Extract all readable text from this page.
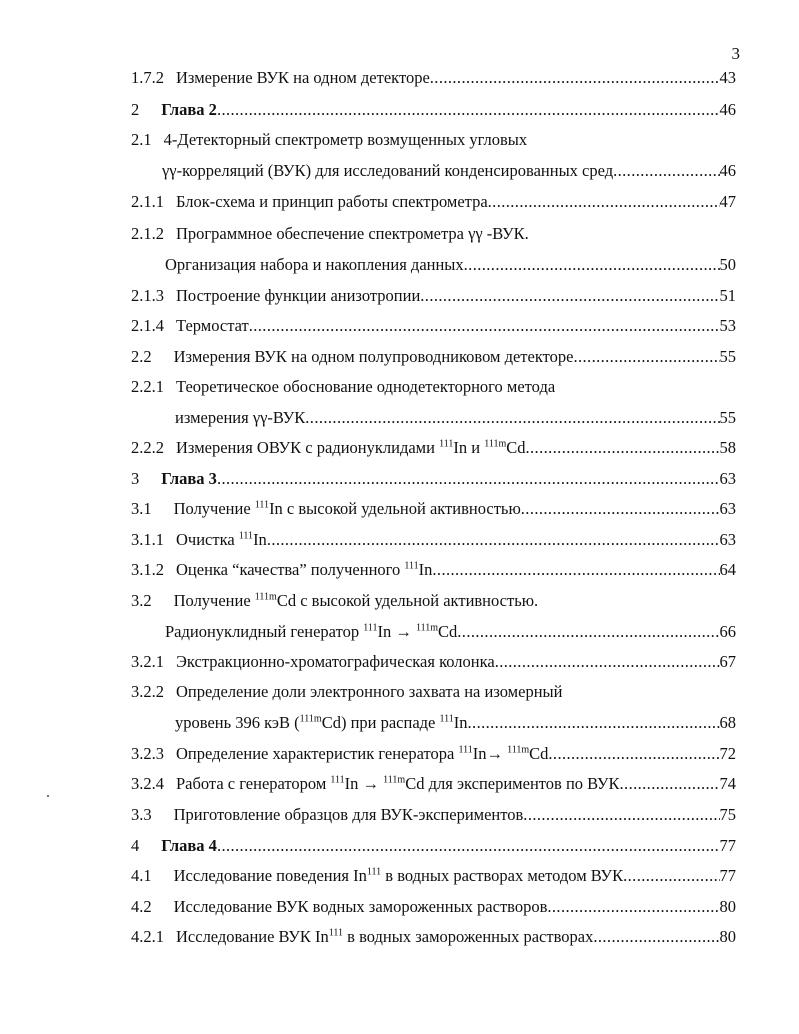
3
1.7.2 Измерение ВУК на одном детекторе .....	43
2	Глава 2 .....	46
2.1 4-Детекторный спектрометр возмущенных угловых
γγ-корреляций (ВУК) для исследований конденсированных сред .....	46
2.1.1 Блок-схема и принцип работы спектрометра .....	47
2.1.2 Программное обеспечение спектрометра γγ -ВУК.
Организация набора и накопления данных .....	50
2.1.3 Построение функции анизотропии .....	51
2.1.4 Термостат .....	53
2.2	Измерения ВУК на одном полупроводниковом детекторе .....	55
2.2.1 Теоретическое обоснование однодетекторного метода
измерения γγ-ВУК .....	55
2.2.2 Измерения ОВУК с радионуклидами $^{111}$In и $^{111m}$Cd .....	58
3	Глава 3 .....	63
3.1	Получение $^{111}$In с высокой удельной активностью .....	63
3.1.1 Очистка $^{111}$In .....	63
3.1.2 Оценка “качества” полученного $^{111}$In .....	64
3.2	Получение $^{111m}$Cd с высокой удельной активностью.
Радионуклидный генератор $^{111}$In → $^{111m}$Cd .....	66
3.2.1 Экстракционно-хроматографическая колонка .....	67
3.2.2 Определение доли электронного захвата на изомерный
уровень 396 кэВ ($^{111m}$Cd) при распаде $^{111}$In .....	68
3.2.3 Определение характеристик генератора $^{111}$In→ $^{111m}$Cd .....	72
3.2.4 Работа с генератором $^{111}$In → $^{111m}$Cd для экспериментов по ВУК .....	74
3.3	Приготовление образцов для ВУК-экспериментов .....	75
4	Глава 4 .....	77
4.1	Исследование поведения In$^{111}$ в водных растворах методом ВУК .....	77
4.2	Исследование ВУК водных замороженных растворов .....	80
4.2.1 Исследование ВУК In$^{111}$ в водных замороженных растворах .....	80
